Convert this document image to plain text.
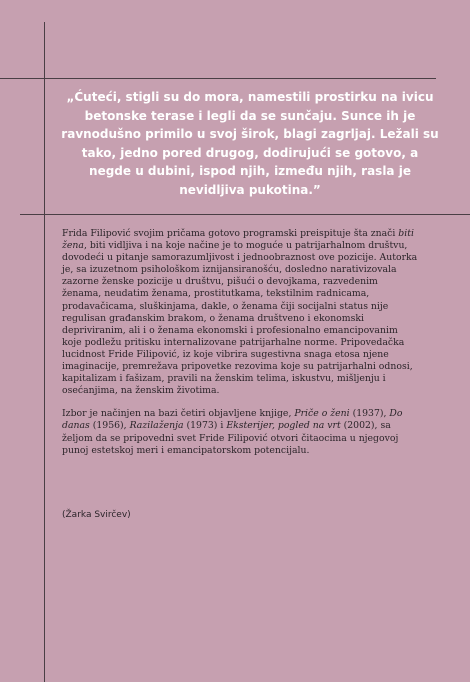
„Ćuteći, stigli su do mora, namestili prostirku na ivicu betonske terase i legli da se sunčaju. Sunce ih je ravnodušno primilo u svoj širok, blagi zagrljaj. Ležali su tako, jedno pored drugog, dodirujući se gotovo, a negde u dubini, ispod njih, između njih, rasla je nevidljiva pukotina.”

Frida Filipović svojim pričama gotovo programski preispituje šta znači biti žena, biti vidljiva i na koje načine je to moguće u patrijarhalnom društvu, dovodeći u pitanje samorazumljivost i jednoobraznost ove pozicije. Autorka je, sa izuzetnom psihološkom iznijansiranošću, dosledno narativizovala zazorne ženske pozicije u društvu, pišući o devojkama, razvedenim ženama, neudatim ženama, prostitutkama, tekstilnim radnicama, prodavačicama, sluškinjama, dakle, o ženama čiji socijalni status nije regulisan građanskim brakom, o ženama društveno i ekonomski depriviranim, ali i o ženama ekonomski i profesionalno emancipovanim koje podležu pritisku internalizovane patrijarhalne norme. Pripovedačka lucidnost Fride Filipović, iz koje vibrira sugestivna snaga etosa njene imaginacije, premrežava pripovetke rezovima koje su patrijarhalni odnosi, kapitalizam i fašizam, pravili na ženskim telima, iskustvu, mišljenju i osećanjima, na ženskim životima.

Izbor je načinjen na bazi četiri objavljene knjige, Priče o ženi (1937), Do danas (1956), Razilaženja (1973) i Eksterijer, pogled na vrt (2002), sa željom da se pripovedni svet Fride Filipović otvori čitaocima u njegovoj punoj estetskoj meri i emancipatorskom potencijalu.

(Žarka Svirčev)
